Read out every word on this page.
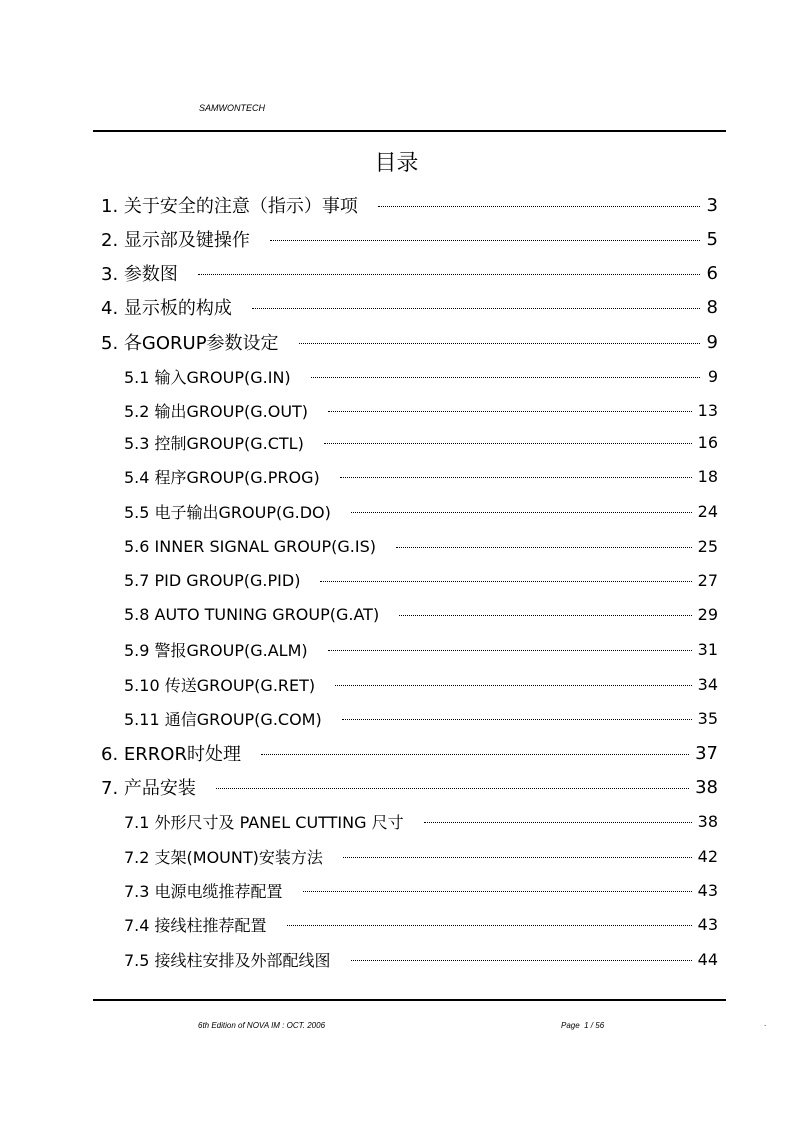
SAMWONTECH
目录
1. 关于安全的注意（指示）事项	3
2. 显示部及键操作	5
3. 参数图	6
4. 显示板的构成	8
5. 各GORUP参数设定	9
5.1 输入GROUP(G.IN)	9
5.2 输出GROUP(G.OUT)	13
5.3 控制GROUP(G.CTL)	16
5.4 程序GROUP(G.PROG)	18
5.5 电子输出GROUP(G.DO)	24
5.6 INNER SIGNAL GROUP(G.IS)	25
5.7 PID GROUP(G.PID)	27
5.8 AUTO TUNING GROUP(G.AT)	29
5.9 警报GROUP(G.ALM)	31
5.10 传送GROUP(G.RET)	34
5.11 通信GROUP(G.COM)	35
6. ERROR时处理	37
7. 产品安装	38
7.1 外形尺寸及 PANEL CUTTING 尺寸	38
7.2 支架(MOUNT)安装方法	42
7.3 电源电缆推荐配置	43
7.4 接线柱推荐配置	43
7.5 接线柱安排及外部配线图	44
6th Edition of NOVA IM : OCT. 2006	Page  1 / 56	.
